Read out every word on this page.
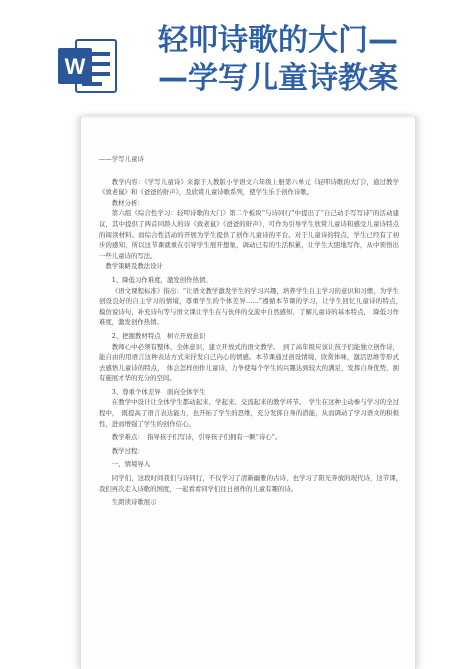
W
轻叩诗歌的大门—
—学写儿童诗教案

——学写儿童诗

教学内容：《学写儿童诗》来源于人教版小学语文六年级上册第六单元《轻叩诗歌的大门》，通过教学《致老鼠》和《爸爸的鼾声》，及欣赏儿童诗歌系列，使学生乐于创作诗歌。

教材分析：

第六组《综合性学习：轻叩诗歌的大门》第二个板块“与诗同行”中提出了“自己动手写写诗”的活动建议，其中提供了两首同龄人的诗《致老鼠》《爸爸的鼾声》，可作为引导学生欣赏儿童诗和感受儿童诗特点的阅读材料。而综合性活动的开展为学生提供了创作儿童诗的平台。对于儿童诗的特点，学生已经有了初步的感知，所以这节课就重在引导学生展开想象，调动已有的生活积累，让学生大胆地写作，从中领悟出一些儿童诗的写法。

教学策略及教法设计

1、降低习作难度，激发创作热情。

《语文课程标准》指出：“让语文教学激发学生的学习兴趣，培养学生自主学习的意识和习惯，为学生创设良好的自主学习的情境，尊重学生的个体差异……”遵循本节课的学习，让学生回忆儿童诗的特点，　模仿说诗句，补充诗句等与语文课让学生在与伙伴的交流中自然感知、了解儿童诗的基本特点，　降低习作难度，激发创作热情。

2、把握教材特点　树立开放意识

教师心中必须有整体、全体意识，建立开放式的语文教学。　到了高年级应该让孩子们能独立创作诗，能自由的用语言这种表达方式来抒发自己内心的情感。本节课通过创设情境，欣赏体味，激活思维等形式去感悟儿童诗的特点，　体会怎样创作儿童诗，力争使每个学生的兴趣达到较大的满足，发挥自身优势，拥有施展才华的充分的空间。

3、尊重个体差异　面向全体学生

在教学中设计让全体学生都动起来、学起来、交流起来的教学环节。　学生在这种主动参与学习的全过程中，　既提高了语言表达能力，也开拓了学生的思维，充分发挥自身的潜能，从而调动了学习语文的积极性，进而增强了学生的创作信心。

教学难点：　指导孩子们写诗，引导孩子们拥有一颗“诗心”。

教学过程：

一、情境导入

同学们，这段时间我们与诗同行，不仅学习了清新幽雅的古诗，也学习了阳光奔放的现代诗，这节课，　我们再次走入诗歌的国度，一起看看同学们往日创作的儿童有趣的诗。

生朗读诗歌展示
